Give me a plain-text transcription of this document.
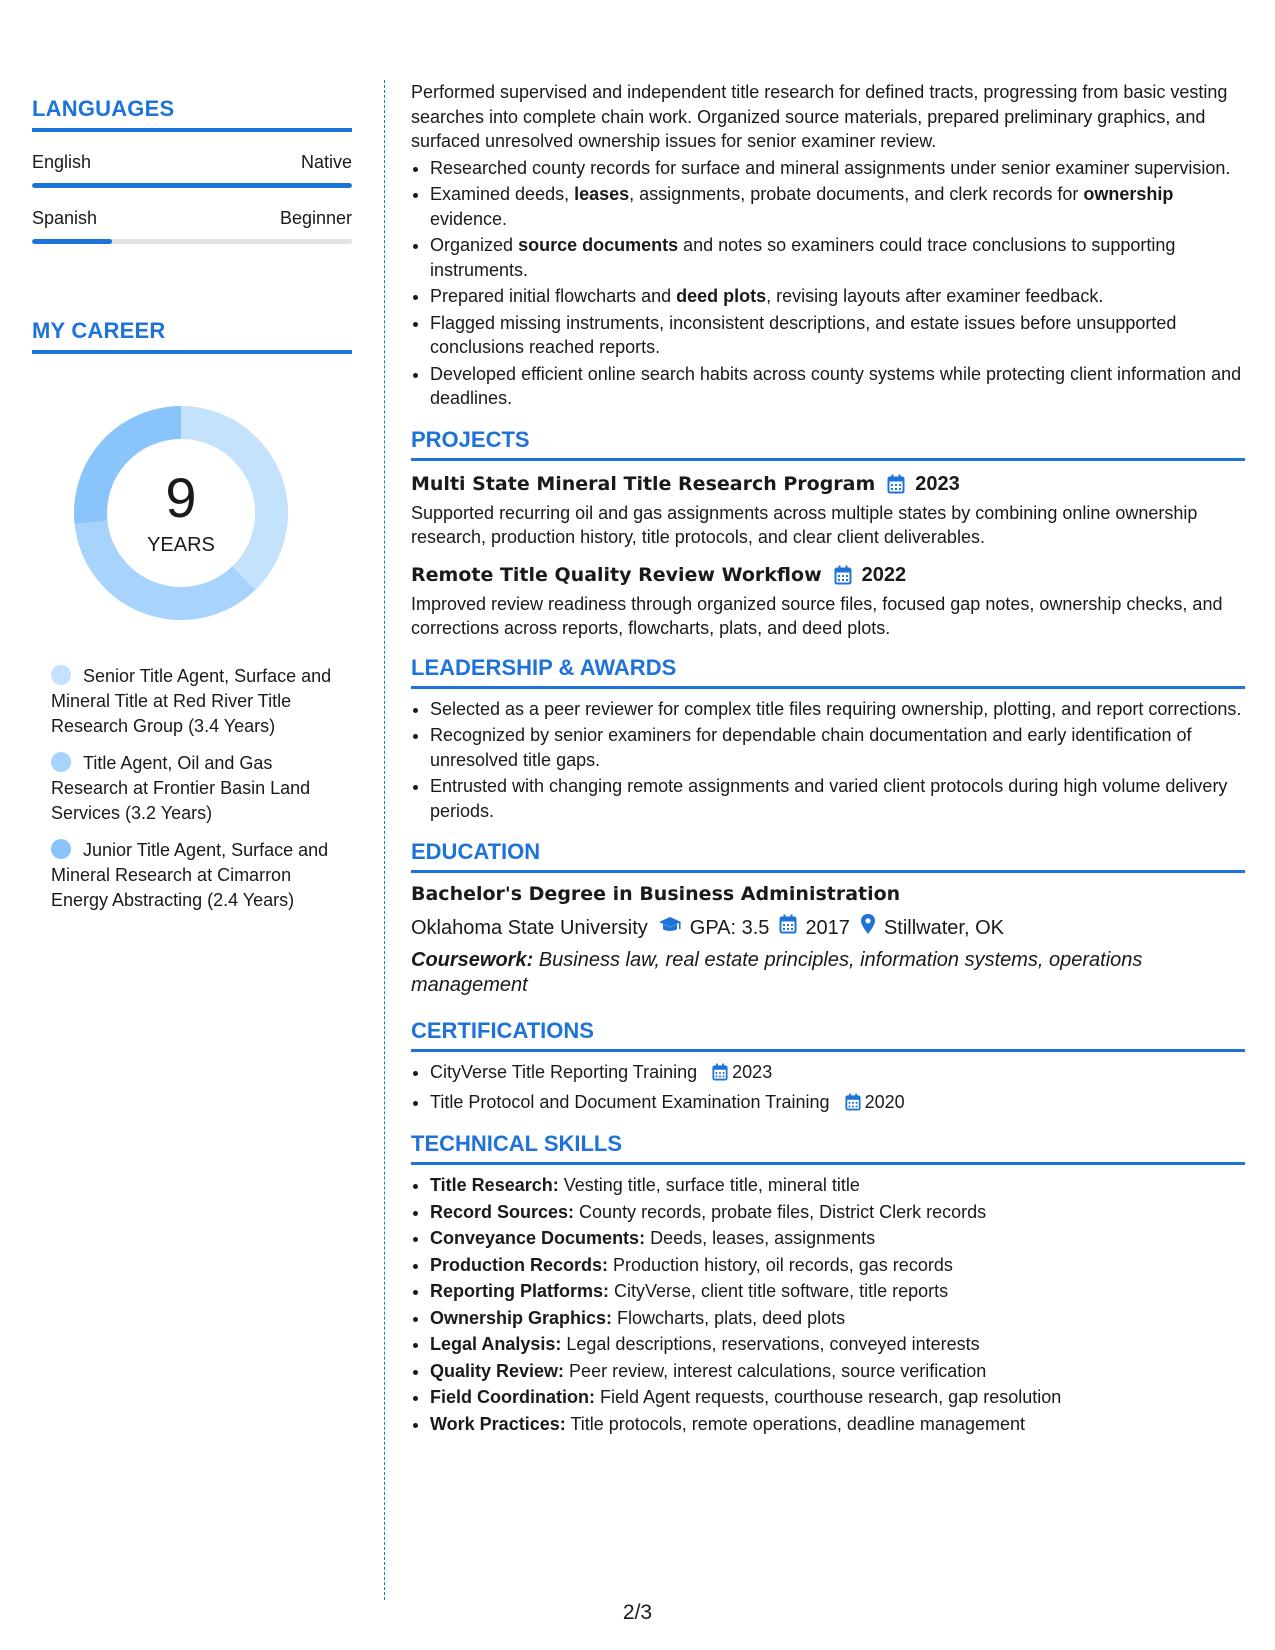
LANGUAGES
English	Native
Spanish	Beginner
MY CAREER
9
YEARS
Senior Title Agent, Surface and Mineral Title at Red River Title Research Group (3.4 Years)
Title Agent, Oil and Gas Research at Frontier Basin Land Services (3.2 Years)
Junior Title Agent, Surface and Mineral Research at Cimarron Energy Abstracting (2.4 Years)

Performed supervised and independent title research for defined tracts, progressing from basic vesting searches into complete chain work. Organized source materials, prepared preliminary graphics, and surfaced unresolved ownership issues for senior examiner review.

• Researched county records for surface and mineral assignments under senior examiner supervision.
• Examined deeds, leases, assignments, probate documents, and clerk records for ownership evidence.
• Organized source documents and notes so examiners could trace conclusions to supporting instruments.
• Prepared initial flowcharts and deed plots, revising layouts after examiner feedback.
• Flagged missing instruments, inconsistent descriptions, and estate issues before unsupported conclusions reached reports.
• Developed efficient online search habits across county systems while protecting client information and deadlines.
PROJECTS
Multi State Mineral Title Research Program 2023
Supported recurring oil and gas assignments across multiple states by combining online ownership research, production history, title protocols, and clear client deliverables.
Remote Title Quality Review Workflow 2022
Improved review readiness through organized source files, focused gap notes, ownership checks, and corrections across reports, flowcharts, plats, and deed plots.
LEADERSHIP & AWARDS
• Selected as a peer reviewer for complex title files requiring ownership, plotting, and report corrections.
• Recognized by senior examiners for dependable chain documentation and early identification of unresolved title gaps.
• Entrusted with changing remote assignments and varied client protocols during high volume delivery periods.
EDUCATION
Bachelor's Degree in Business Administration
Oklahoma State University GPA: 3.5 2017 Stillwater, OK
Coursework: Business law, real estate principles, information systems, operations management
CERTIFICATIONS
• CityVerse Title Reporting Training 2023
• Title Protocol and Document Examination Training 2020
TECHNICAL SKILLS
• Title Research: Vesting title, surface title, mineral title
• Record Sources: County records, probate files, District Clerk records
• Conveyance Documents: Deeds, leases, assignments
• Production Records: Production history, oil records, gas records
• Reporting Platforms: CityVerse, client title software, title reports
• Ownership Graphics: Flowcharts, plats, deed plots
• Legal Analysis: Legal descriptions, reservations, conveyed interests
• Quality Review: Peer review, interest calculations, source verification
• Field Coordination: Field Agent requests, courthouse research, gap resolution
• Work Practices: Title protocols, remote operations, deadline management
2/3
